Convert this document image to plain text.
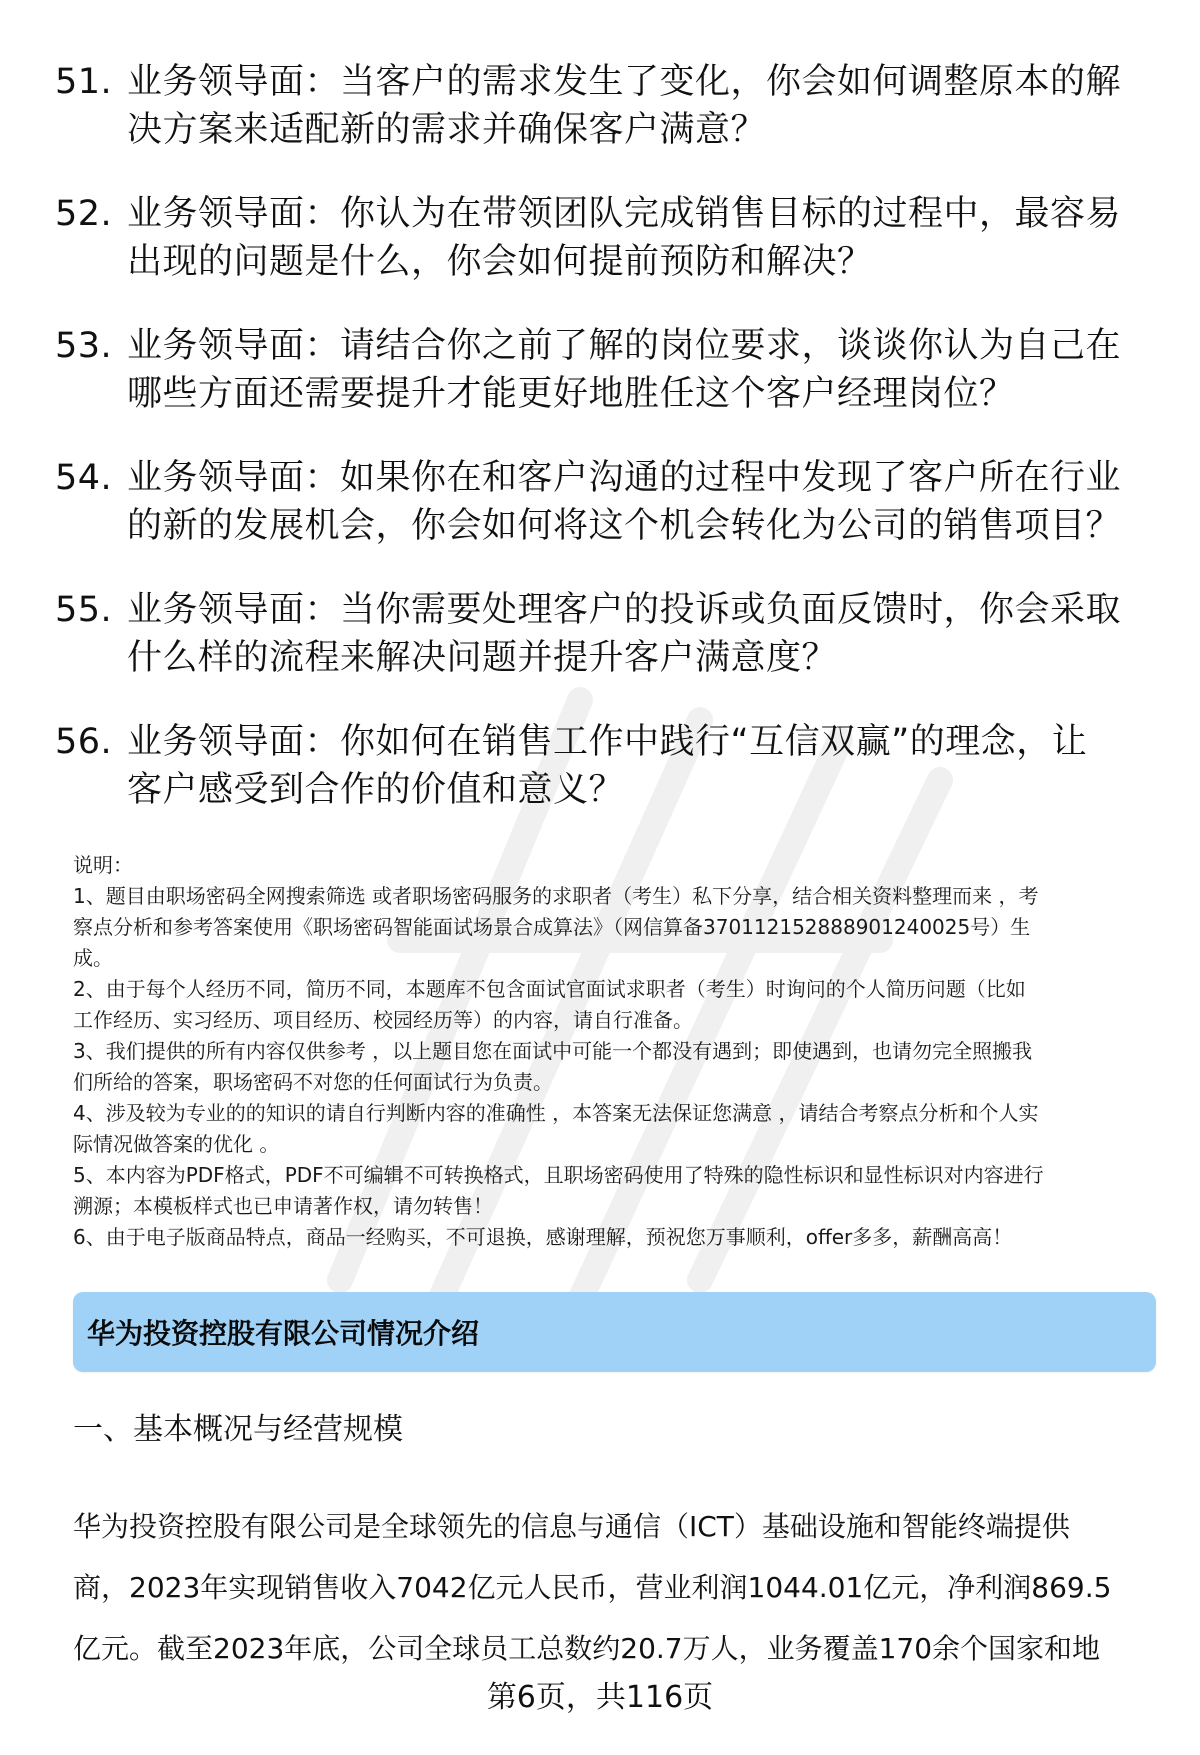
51. 业务领导面：当客户的需求发生了变化，你会如何调整原本的解
决方案来适配新的需求并确保客户满意？
52. 业务领导面：你认为在带领团队完成销售目标的过程中，最容易
出现的问题是什么，你会如何提前预防和解决？
53. 业务领导面：请结合你之前了解的岗位要求，谈谈你认为自己在
哪些方面还需要提升才能更好地胜任这个客户经理岗位？
54. 业务领导面：如果你在和客户沟通的过程中发现了客户所在行业
的新的发展机会，你会如何将这个机会转化为公司的销售项目？
55. 业务领导面：当你需要处理客户的投诉或负面反馈时，你会采取
什么样的流程来解决问题并提升客户满意度？
56. 业务领导面：你如何在销售工作中践行“互信双赢”的理念，让
客户感受到合作的价值和意义？

说明：

1、题目由职场密码全网搜索筛选 或者职场密码服务的求职者（考生）私下分享，结合相关资料整理而来 ，考

察点分析和参考答案使用《职场密码智能面试场景合成算法》（网信算备370112152888901240025号）生

成。

2、由于每个人经历不同，简历不同，本题库不包含面试官面试求职者（考生）时询问的个人简历问题（比如

工作经历、实习经历、项目经历、校园经历等）的内容，请自行准备。

3、我们提供的所有内容仅供参考 ，以上题目您在面试中可能一个都没有遇到；即使遇到，也请勿完全照搬我

们所给的答案，职场密码不对您的任何面试行为负责。

4、涉及较为专业的的知识的请自行判断内容的准确性 ，本答案无法保证您满意 ，请结合考察点分析和个人实

际情况做答案的优化 。

5、本内容为PDF格式，PDF不可编辑不可转换格式，且职场密码使用了特殊的隐性标识和显性标识对内容进行

溯源；本模板样式也已申请著作权，请勿转售！

6、由于电子版商品特点，商品一经购买，不可退换，感谢理解，预祝您万事顺利，offer多多，薪酬高高！

华为投资控股有限公司情况介绍
一、基本概况与经营规模
华为投资控股有限公司是全球领先的信息与通信（ICT）基础设施和智能终端提供
商，2023年实现销售收入7042亿元人民币，营业利润1044.01亿元，净利润869.5
亿元。截至2023年底，公司全球员工总数约20.7万人，业务覆盖170余个国家和地
第6页，共116页
